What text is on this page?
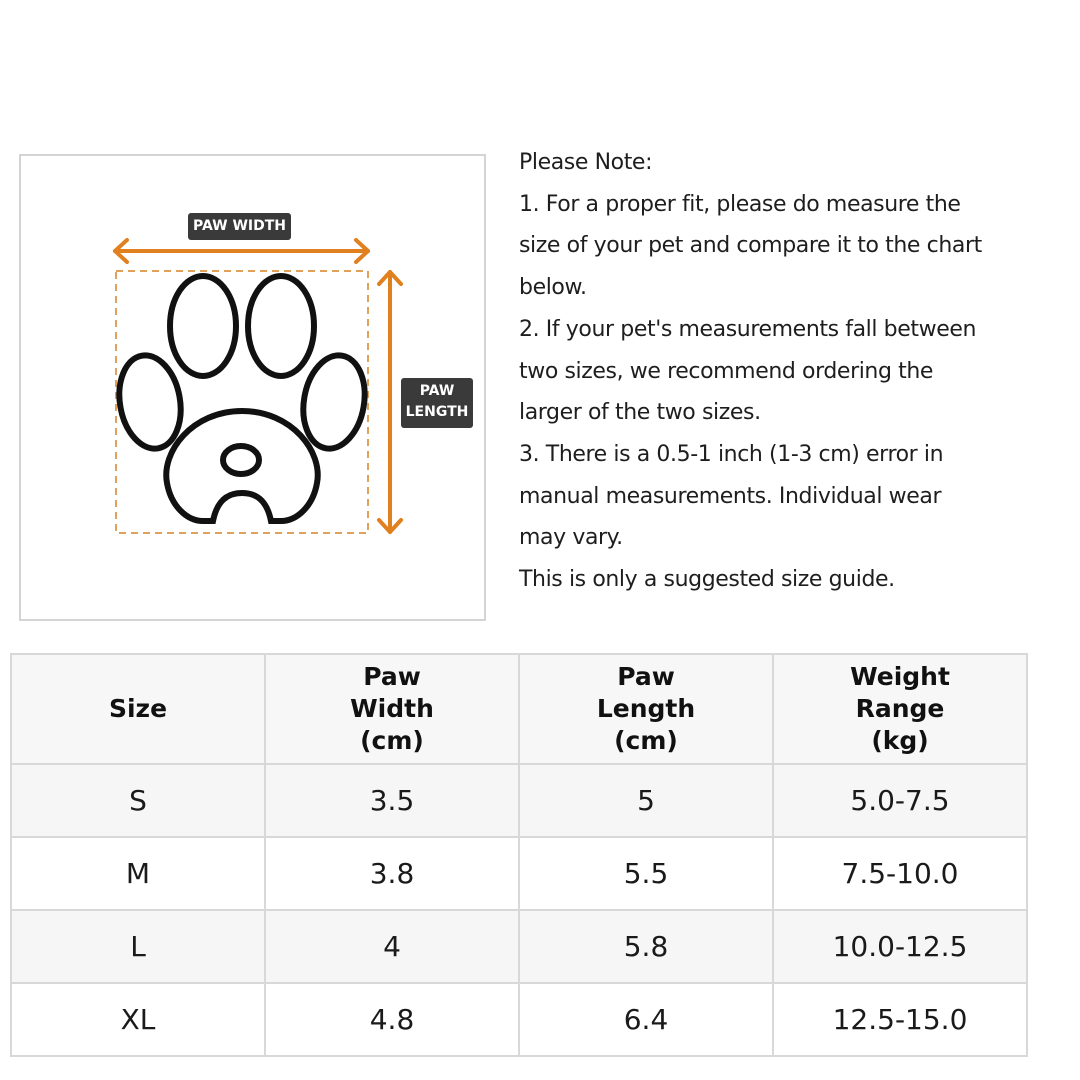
PAW WIDTH
PAW
LENGTH

Please Note:

1. For a proper fit, please do measure the

size of your pet and compare it to the chart

below.

2. If your pet's measurements fall between

two sizes, we recommend ordering the

larger of the two sizes.

3. There is a 0.5-1 inch (1-3 cm) error in

manual measurements. Individual wear

may vary.

This is only a suggested size guide.

Size	Paw
Width
(cm)	Paw
Length
(cm)	Weight
Range
(kg)

S	3.5	5	5.0-7.5
M	3.8	5.5	7.5-10.0
L	4	5.8	10.0-12.5
XL	4.8	6.4	12.5-15.0
